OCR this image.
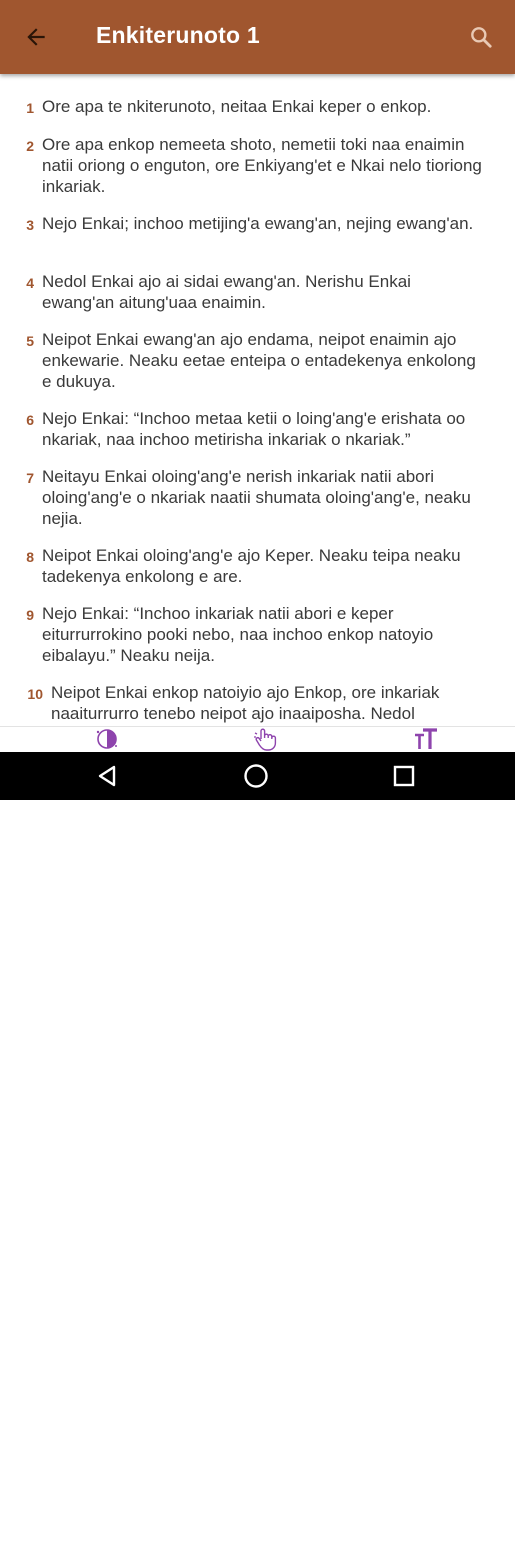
Enkiterunoto 1
1 Ore apa te nkiterunoto, neitaa Enkai keper o enkop.
2 Ore apa enkop nemeeta shoto, nemetii toki naa enaimin natii oriong o enguton, ore Enkiyang'et e Nkai nelo tioriong inkariak.
3 Nejo Enkai; inchoo metijing'a ewang'an, nejing ewang'an.
4 Nedol Enkai ajo ai sidai ewang'an. Nerishu Enkai ewang'an aitung'uaa enaimin.
5 Neipot Enkai ewang'an ajo endama, neipot enaimin ajo enkewarie. Neaku eetae enteipa o entadekenya enkolong e dukuya.
6 Nejo Enkai: “Inchoo metaa ketii o loing'ang'e erishata oo nkariak, naa inchoo metirisha inkariak o nkariak.”
7 Neitayu Enkai oloing'ang'e nerish inkariak natii abori oloing'ang'e o nkariak naatii shumata oloing'ang'e, neaku nejia.
8 Neipot Enkai oloing'ang'e ajo Keper. Neaku teipa neaku tadekenya enkolong e are.
9 Nejo Enkai: “Inchoo inkariak natii abori e keper eiturrurrokino pooki nebo, naa inchoo enkop natoyio eibalayu.” Neaku neija.
10 Neipot Enkai enkop natoiyio ajo Enkop, ore inkariak naaiturrurro tenebo neipot ajo inaaiposha. Nedol
free for personal use
